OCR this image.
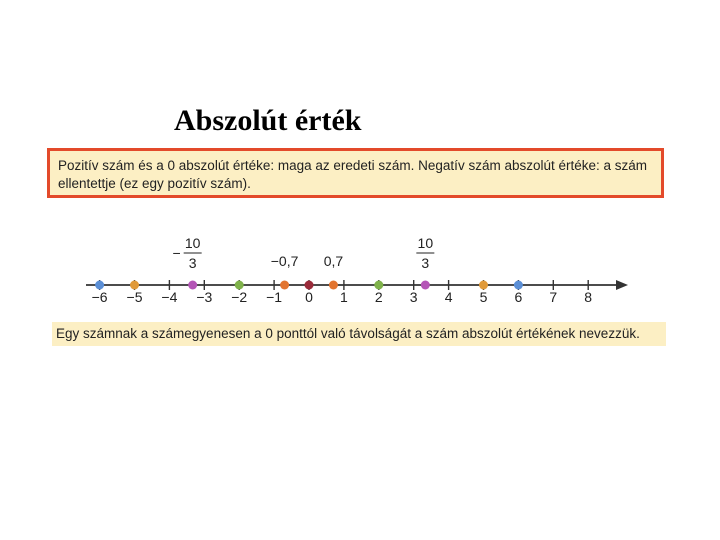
Abszolút érték
Pozitív szám és a 0 abszolút értéke: maga az eredeti szám. Negatív szám abszolút értéke: a szám
ellentettje (ez egy pozitív szám).
−6 −5 −4 −3 −2 −1 0 1 2 3 4 5 6 7 8
10
3
−	−0,7 0,7
10
3
Egy számnak a számegyenesen a 0 ponttól való távolságát a szám abszolút értékének nevezzük.
